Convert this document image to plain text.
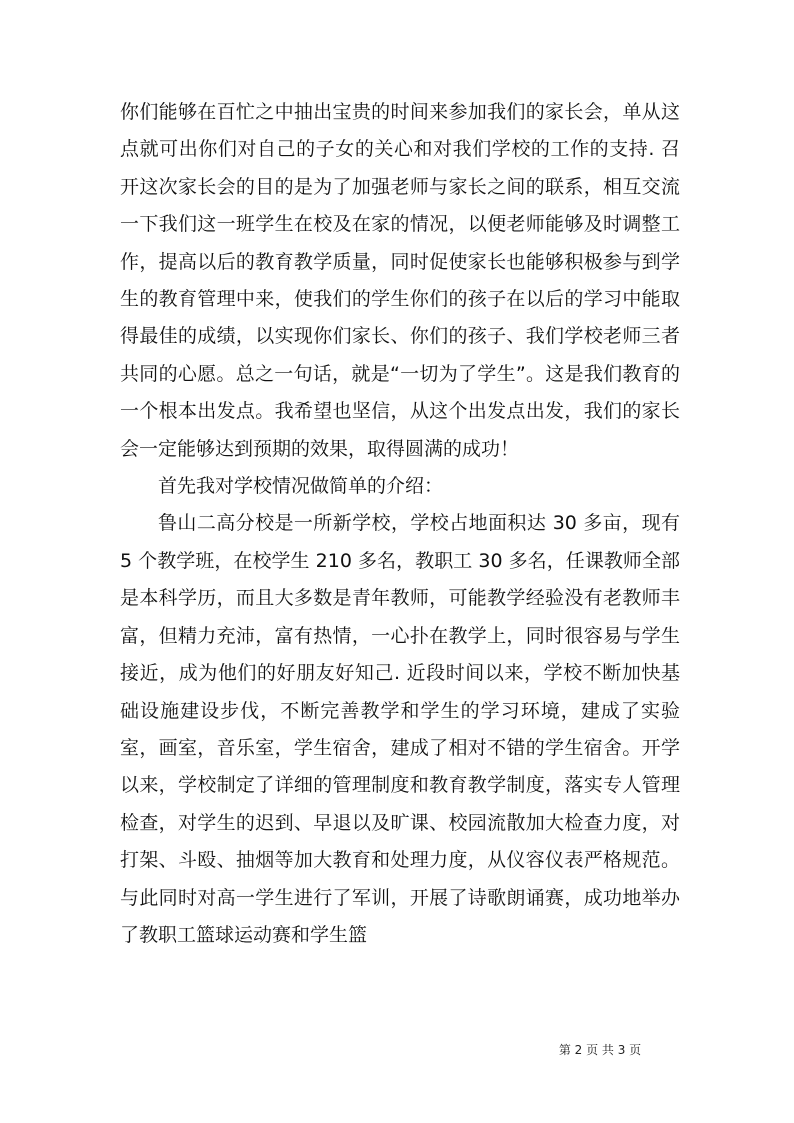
你们能够在百忙之中抽出宝贵的时间来参加我们的家长会，单从这点就可出你们对自己的子女的关心和对我们学校的工作的支持. 召开这次家长会的目的是为了加强老师与家长之间的联系，相互交流一下我们这一班学生在校及在家的情况，以便老师能够及时调整工作，提高以后的教育教学质量，同时促使家长也能够积极参与到学生的教育管理中来，使我们的学生你们的孩子在以后的学习中能取得最佳的成绩，以实现你们家长、你们的孩子、我们学校老师三者共同的心愿。总之一句话，就是“一切为了学生”。这是我们教育的一个根本出发点。我希望也坚信，从这个出发点出发，我们的家长会一定能够达到预期的效果，取得圆满的成功！

首先我对学校情况做简单的介绍：

鲁山二高分校是一所新学校，学校占地面积达 30 多亩，现有 5 个教学班，在校学生 210 多名，教职工 30 多名，任课教师全部是本科学历，而且大多数是青年教师，可能教学经验没有老教师丰富，但精力充沛，富有热情，一心扑在教学上，同时很容易与学生接近，成为他们的好朋友好知己. 近段时间以来，学校不断加快基础设施建设步伐，不断完善教学和学生的学习环境，建成了实验室，画室，音乐室，学生宿舍，建成了相对不错的学生宿舍。开学以来，学校制定了详细的管理制度和教育教学制度，落实专人管理检查，对学生的迟到、早退以及旷课、校园流散加大检查力度，对打架、斗殴、抽烟等加大教育和处理力度，从仪容仪表严格规范。与此同时对高一学生进行了军训，开展了诗歌朗诵赛，成功地举办了教职工篮球运动赛和学生篮

第 2 页 共 3 页
